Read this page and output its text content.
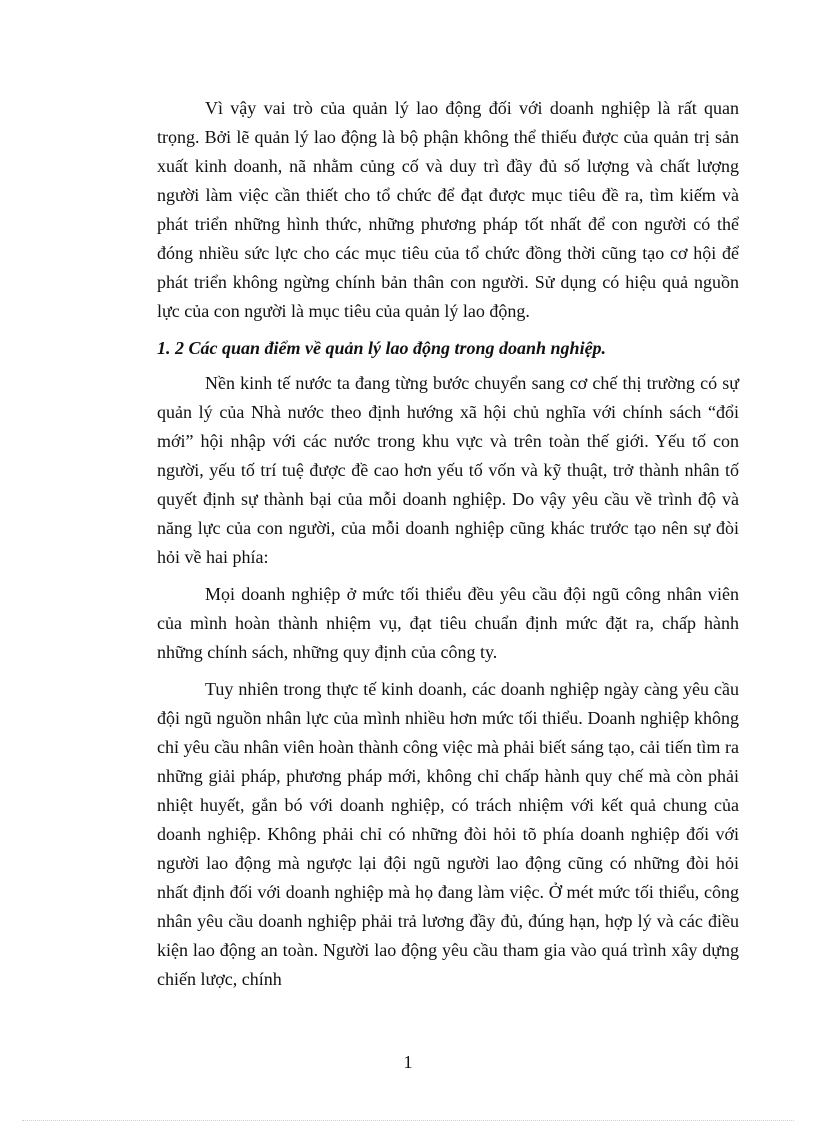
Vì vậy vai trò của quản lý lao động đối với doanh nghiệp là rất quan trọng. Bởi lẽ quản lý lao động là bộ phận không thể thiếu được của quản trị sản xuất kinh doanh, nã nhằm củng cố và duy trì đầy đủ số lượng và chất lượng người làm việc cần thiết cho tổ chức để đạt được mục tiêu đề ra, tìm kiếm và phát triển những hình thức, những phương pháp tốt nhất để con người có thể đóng nhiều sức lực cho các mục tiêu của tổ chức đồng thời cũng tạo cơ hội để phát triển không ngừng chính bản thân con người. Sử dụng có hiệu quả nguồn lực của con người là mục tiêu của quản lý lao động.

1. 2 Các quan điểm về quản lý lao động trong doanh nghiệp.

Nền kinh tế nước ta đang từng bước chuyển sang cơ chế thị trường có sự quản lý của Nhà nước theo định hướng xã hội chủ nghĩa với chính sách “đổi mới” hội nhập với các nước trong khu vực và trên toàn thế giới. Yếu tố con người, yếu tố trí tuệ được đề cao hơn yếu tố vốn và kỹ thuật, trở thành nhân tố quyết định sự thành bại của mỗi doanh nghiệp. Do vậy yêu cầu về trình độ và năng lực của con người, của mỗi doanh nghiệp cũng khác trước tạo nên sự đòi hỏi về hai phía:

Mọi doanh nghiệp ở mức tối thiểu đều yêu cầu đội ngũ công nhân viên của mình hoàn thành nhiệm vụ, đạt tiêu chuẩn định mức đặt ra, chấp hành những chính sách, những quy định của công ty.

Tuy nhiên trong thực tế kinh doanh, các doanh nghiệp ngày càng yêu cầu đội ngũ nguồn nhân lực của mình nhiều hơn mức tối thiểu. Doanh nghiệp không chỉ yêu cầu nhân viên hoàn thành công việc mà phải biết sáng tạo, cải tiến tìm ra những giải pháp, phương pháp mới, không chỉ chấp hành quy chế mà còn phải nhiệt huyết, gắn bó với doanh nghiệp, có trách nhiệm với kết quả chung của doanh nghiệp. Không phải chỉ có những đòi hỏi tõ phía doanh nghiệp đối với người lao động mà ngược lại đội ngũ người lao động cũng có những đòi hỏi nhất định đối với doanh nghiệp mà họ đang làm việc. Ở mét mức tối thiểu, công nhân yêu cầu doanh nghiệp phải trả lương đầy đủ, đúng hạn, hợp lý và các điều kiện lao động an toàn. Người lao động yêu cầu tham gia vào quá trình xây dựng chiến lược, chính

1
